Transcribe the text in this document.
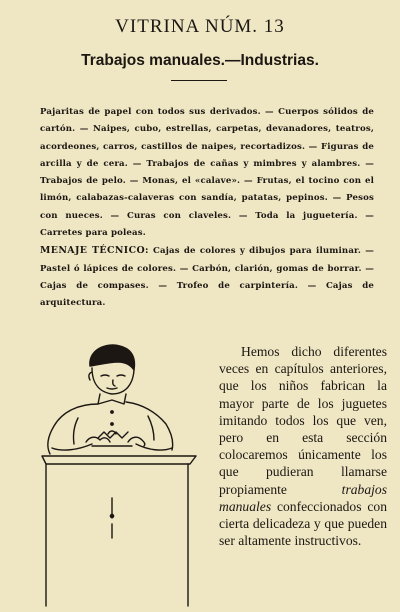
VITRINA NÚM. 13
Trabajos manuales.—Industrias.

Pajaritas de papel con todos sus derivados. — Cuerpos sólidos de cartón. — Naipes, cubo, estrellas, carpetas, devanadores, teatros, acordeones, carros, castillos de naipes, recortadizos. — Figuras de arcilla y de cera. — Trabajos de cañas y mimbres y alambres. — Trabajos de pelo. — Monas, el «calave». — Frutas, el tocino con el limón, calabazas-calaveras con sandía, patatas, pepinos. — Pesos con nueces. — Curas con claveles. — Toda la juguetería. — Carretes para poleas.

MENAJE TÉCNICO: Cajas de colores y dibujos para iluminar. — Pastel ó lápices de colores. — Carbón, clarión, gomas de borrar. — Cajas de compases. — Trofeo de carpintería. — Cajas de arquitectura.

Hemos dicho diferentes veces en capítulos anteriores, que los niños fabrican la mayor parte de los juguetes imitando todos los que ven, pero en esta sección colocaremos únicamente los que pudieran llamarse propiamente trabajos manuales confeccionados con cierta delicadeza y que pueden ser altamente instructivos.
